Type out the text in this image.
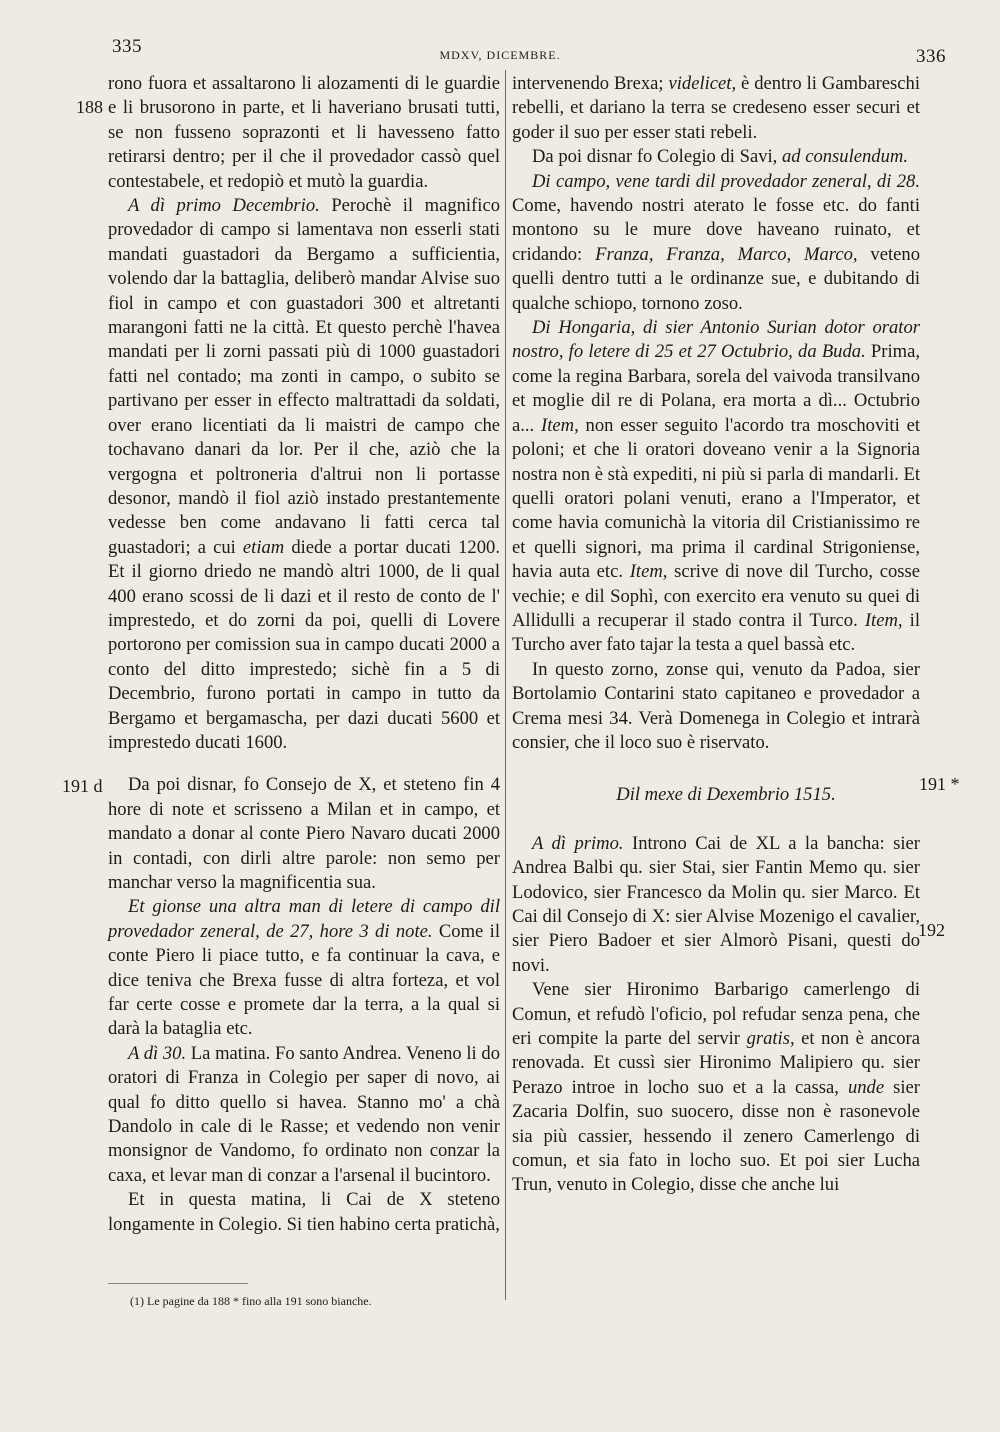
335	MDXV, DICEMBRE.	336
188
191 d	191 *
192

rono fuora et assaltarono li alozamenti di le guardie e li brusorono in parte, et li haveriano brusati tutti, se non fusseno soprazonti et li havesseno fatto retirarsi dentro; per il che il provedador cassò quel contestabele, et redopiò et mutò la guardia.

A dì primo Decembrio. Perochè il magnifico provedador di campo si lamentava non esserli stati mandati guastadori da Bergamo a sufficientia, volendo dar la battaglia, deliberò mandar Alvise suo fiol in campo et con guastadori 300 et altretanti marangoni fatti ne la città. Et questo perchè l'havea mandati per li zorni passati più di 1000 guastadori fatti nel contado; ma zonti in campo, o subito se partivano per esser in effecto maltrattadi da soldati, over erano licentiati da li maistri de campo che tochavano danari da lor. Per il che, aziò che la vergogna et poltroneria d'altrui non li portasse desonor, mandò il fiol aziò instado prestantemente vedesse ben come andavano li fatti cerca tal guastadori; a cui etiam diede a portar ducati 1200. Et il giorno driedo ne mandò altri 1000, de li qual 400 erano scossi de li dazi et il resto de conto de l' imprestedo, et do zorni da poi, quelli di Lovere portorono per comission sua in campo ducati 2000 a conto del ditto imprestedo; sichè fin a 5 di Decembrio, furono portati in campo in tutto da Bergamo et bergamascha, per dazi ducati 5600 et imprestedo ducati 1600.

Da poi disnar, fo Consejo de X, et steteno fin 4 hore di note et scrisseno a Milan et in campo, et mandato a donar al conte Piero Navaro ducati 2000 in contadi, con dirli altre parole: non semo per manchar verso la magnificentia sua.

Et gionse una altra man di letere di campo dil provedador zeneral, de 27, hore 3 di note. Come il conte Piero li piace tutto, e fa continuar la cava, e dice teniva che Brexa fusse di altra forteza, et vol far certe cosse e promete dar la terra, a la qual si darà la bataglia etc.

A dì 30. La matina. Fo santo Andrea. Veneno li do oratori di Franza in Colegio per saper di novo, ai qual fo ditto quello si havea. Stanno mo' a chà Dandolo in cale di le Rasse; et vedendo non venir monsignor de Vandomo, fo ordinato non conzar la caxa, et levar man di conzar a l'arsenal il bucintoro.

Et in questa matina, li Cai de X steteno longamente in Colegio. Si tien habino certa pratichà,

(1) Le pagine da 188 * fino alla 191 sono bianche.

intervenendo Brexa; videlicet, è dentro li Gambareschi rebelli, et dariano la terra se credeseno esser securi et goder il suo per esser stati rebeli.

Da poi disnar fo Colegio di Savi, ad consulendum.

Di campo, vene tardi dil provedador zeneral, di 28. Come, havendo nostri aterato le fosse etc. do fanti montono su le mure dove haveano ruinato, et cridando: Franza, Franza, Marco, Marco, veteno quelli dentro tutti a le ordinanze sue, e dubitando di qualche schiopo, tornono zoso.

Di Hongaria, di sier Antonio Surian dotor orator nostro, fo letere di 25 et 27 Octubrio, da Buda. Prima, come la regina Barbara, sorela del vaivoda transilvano et moglie dil re di Polana, era morta a dì... Octubrio a... Item, non esser seguito l'acordo tra moschoviti et poloni; et che li oratori doveano venir a la Signoria nostra non è stà expediti, ni più si parla di mandarli. Et quelli oratori polani venuti, erano a l'Imperator, et come havia comunichà la vitoria dil Cristianissimo re et quelli signori, ma prima il cardinal Strigoniense, havia auta etc. Item, scrive di nove dil Turcho, cosse vechie; e dil Sophì, con exercito era venuto su quei di Allidulli a recuperar il stado contra il Turco. Item, il Turcho aver fato tajar la testa a quel bassà etc.

In questo zorno, zonse qui, venuto da Padoa, sier Bortolamio Contarini stato capitaneo e provedador a Crema mesi 34. Verà Domenega in Colegio et intrarà consier, che il loco suo è riservato.

Dil mexe di Dexembrio 1515.

A dì primo. Introno Cai de XL a la bancha: sier Andrea Balbi qu. sier Stai, sier Fantin Memo qu. sier Lodovico, sier Francesco da Molin qu. sier Marco. Et Cai dil Consejo di X: sier Alvise Mozenigo el cavalier, sier Piero Badoer et sier Almorò Pisani, questi do novi.

Vene sier Hironimo Barbarigo camerlengo di Comun, et refudò l'oficio, pol refudar senza pena, che eri compite la parte del servir gratis, et non è ancora renovada. Et cussì sier Hironimo Malipiero qu. sier Perazo introe in locho suo et a la cassa, unde sier Zacaria Dolfin, suo suocero, disse non è rasonevole sia più cassier, hessendo il zenero Camerlengo di comun, et sia fato in locho suo. Et poi sier Lucha Trun, venuto in Colegio, disse che anche lui
